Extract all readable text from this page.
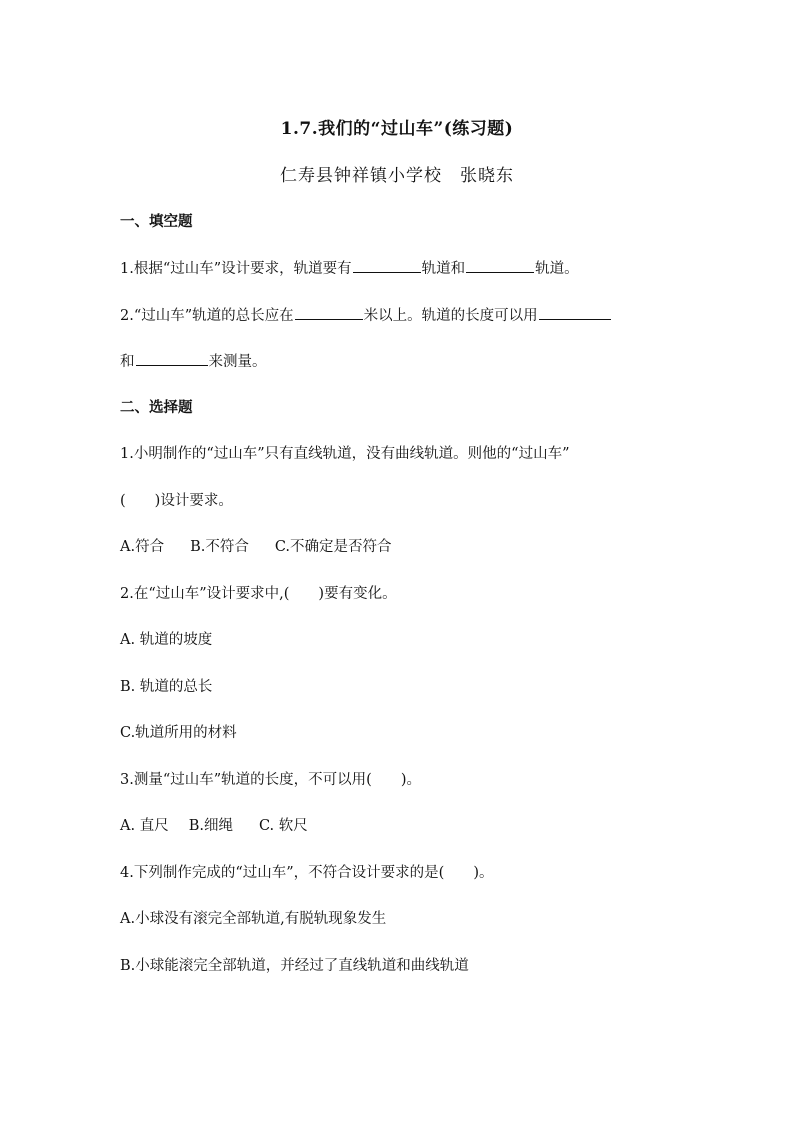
1.7.我们的“过山车”(练习题)
仁寿县钟祥镇小学校　张晓东
一、填空题
1.根据“过山车”设计要求，轨道要有	轨道和	轨道。
2.“过山车”轨道的总长应在	米以上。轨道的长度可以用
和	来测量。
二、选择题
1.小明制作的“过山车”只有直线轨道，没有曲线轨道。则他的“过山车”
(　　)设计要求。
A.符合 B.不符合 C.不确定是否符合
2.在“过山车”设计要求中,(　　)要有变化。
A. 轨道的坡度
B. 轨道的总长
C.轨道所用的材料
3.测量“过山车”轨道的长度，不可以用(　　)。
A. 直尺 B.细绳 C. 软尺
4.下列制作完成的“过山车”，不符合设计要求的是(　　)。
A.小球没有滚完全部轨道,有脱轨现象发生
B.小球能滚完全部轨道，并经过了直线轨道和曲线轨道
